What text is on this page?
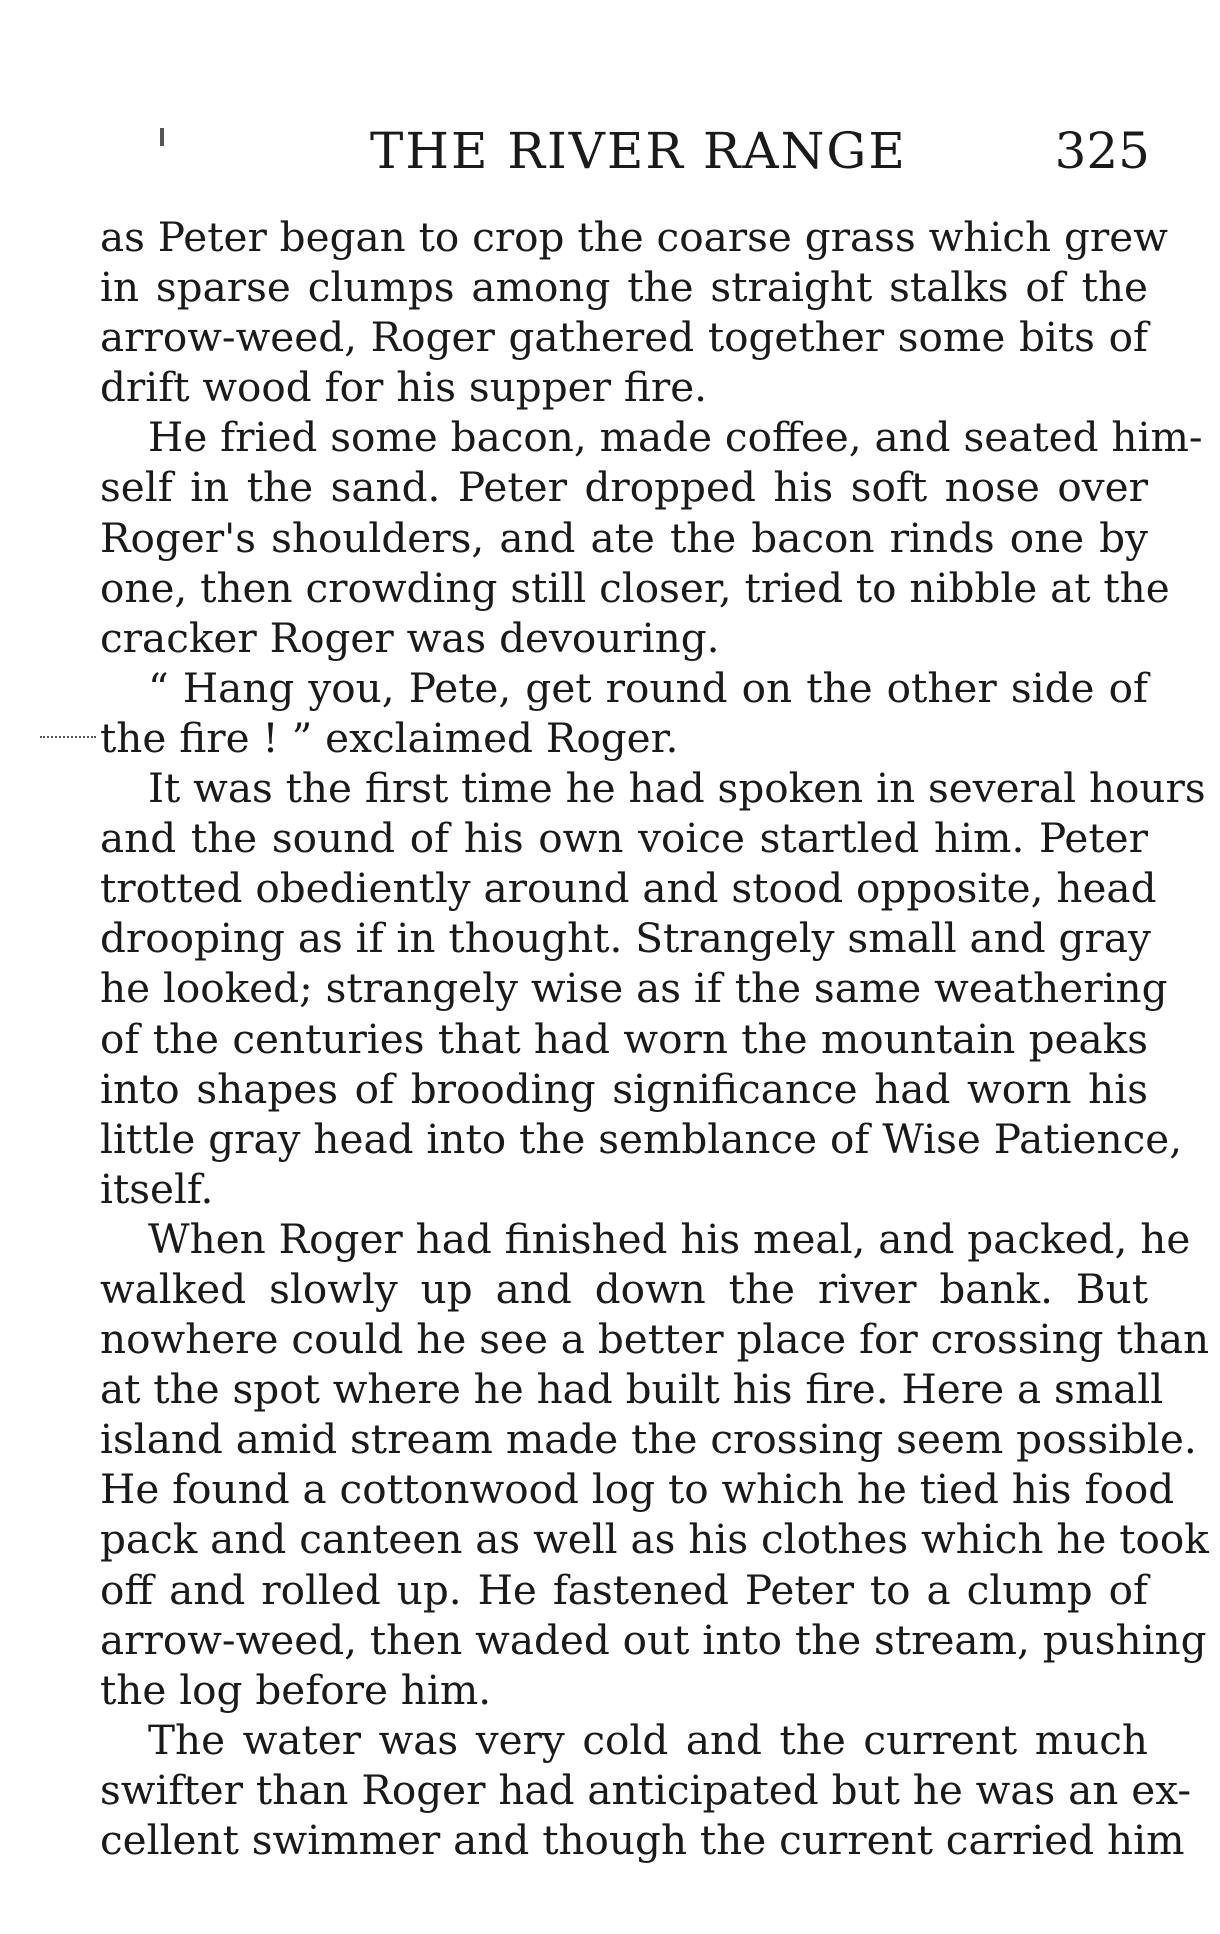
THE RIVER RANGE	325
as Peter began to crop the coarse grass which grew
in sparse clumps among the straight stalks of the
arrow-weed, Roger gathered together some bits of
drift wood for his supper fire.
He fried some bacon, made coffee, and seated him-
self in the sand. Peter dropped his soft nose over
Roger's shoulders, and ate the bacon rinds one by
one, then crowding still closer, tried to nibble at the
cracker Roger was devouring.
“ Hang you, Pete, get round on the other side of
the fire ! ” exclaimed Roger.
It was the first time he had spoken in several hours
and the sound of his own voice startled him. Peter
trotted obediently around and stood opposite, head
drooping as if in thought. Strangely small and gray
he looked; strangely wise as if the same weathering
of the centuries that had worn the mountain peaks
into shapes of brooding significance had worn his
little gray head into the semblance of Wise Patience,
itself.
When Roger had finished his meal, and packed, he
walked slowly up and down the river bank. But
nowhere could he see a better place for crossing than
at the spot where he had built his fire. Here a small
island amid stream made the crossing seem possible.
He found a cottonwood log to which he tied his food
pack and canteen as well as his clothes which he took
off and rolled up. He fastened Peter to a clump of
arrow-weed, then waded out into the stream, pushing
the log before him.
The water was very cold and the current much
swifter than Roger had anticipated but he was an ex-
cellent swimmer and though the current carried him
